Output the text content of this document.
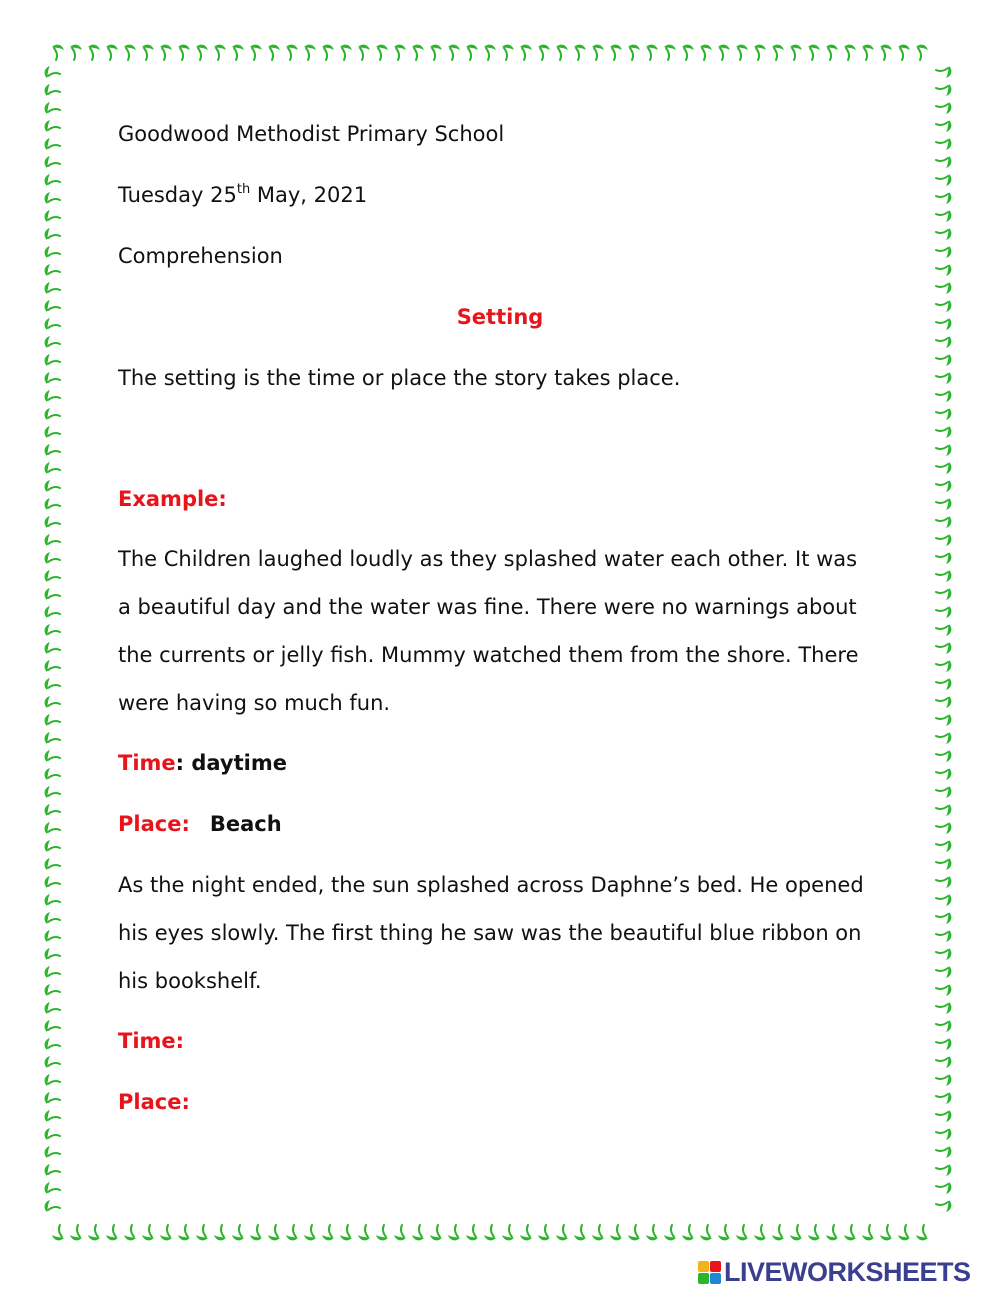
Goodwood Methodist Primary School
Tuesday 25th May, 2021
Comprehension
Setting
The setting is the time or place the story takes place.
Example:
The Children laughed loudly as they splashed water each other. It was
a beautiful day and the water was fine. There were no warnings about
the currents or jelly fish. Mummy watched them from the shore. There
were having so much fun.
Time: daytime
Place: Beach
As the night ended, the sun splashed across Daphne’s bed. He opened
his eyes slowly. The first thing he saw was the beautiful blue ribbon on
his bookshelf.
Time:
Place:
LIVEWORKSHEETS
